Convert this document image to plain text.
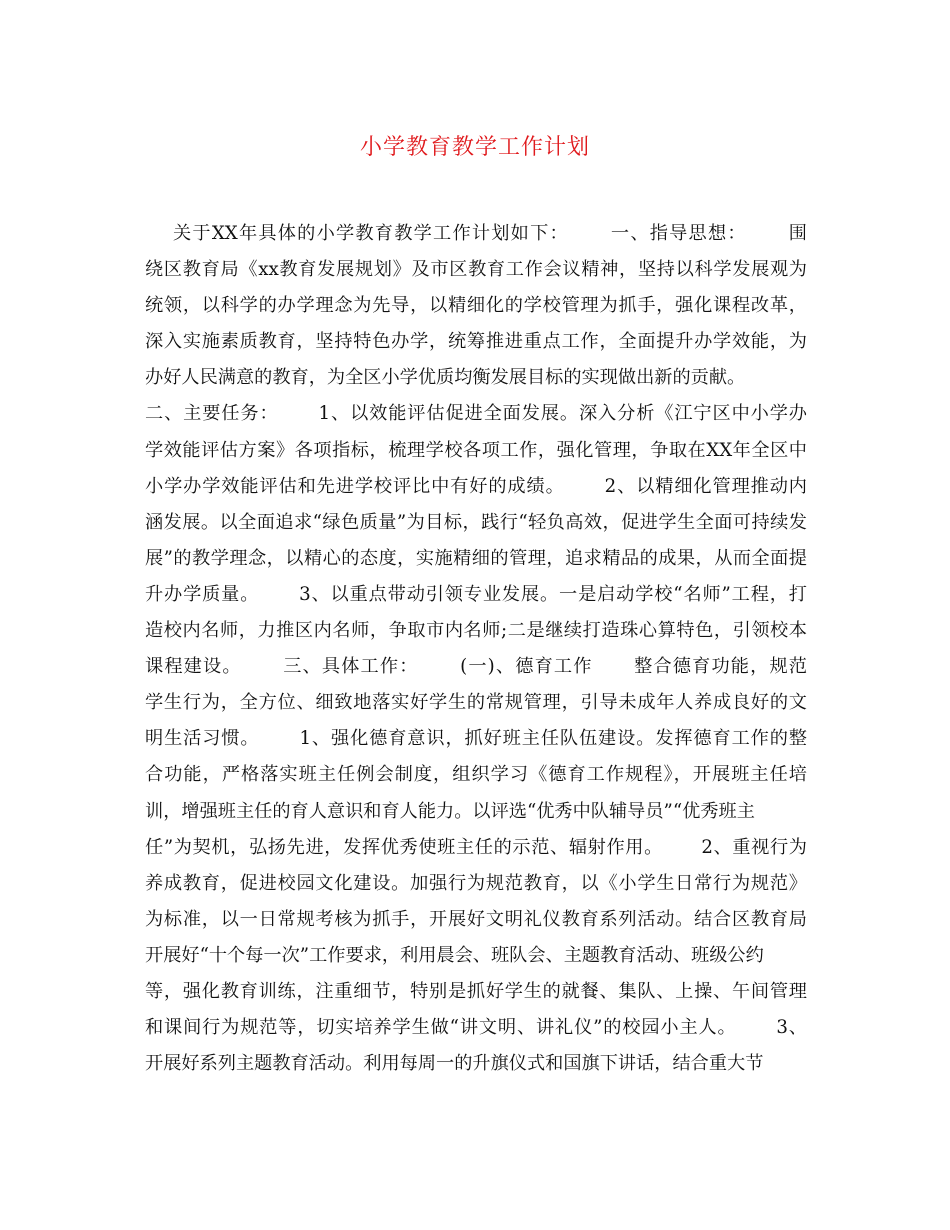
小学教育教学工作计划
关于XX年具体的小学教育教学工作计划如下：      一、指导思想：      围
绕区教育局《xx教育发展规划》及市区教育工作会议精神，坚持以科学发展观为
统领，以科学的办学理念为先导，以精细化的学校管理为抓手，强化课程改革，
深入实施素质教育，坚持特色办学，统筹推进重点工作，全面提升办学效能，为
办好人民满意的教育，为全区小学优质均衡发展目标的实现做出新的贡献。
二、主要任务：      1、以效能评估促进全面发展。深入分析《江宁区中小学办
学效能评估方案》各项指标，梳理学校各项工作，强化管理，争取在XX年全区中
小学办学效能评估和先进学校评比中有好的成绩。      2、以精细化管理推动内
涵发展。以全面追求“绿色质量”为目标，践行“轻负高效，促进学生全面可持续发
展”的教学理念，以精心的态度，实施精细的管理，追求精品的成果，从而全面提
升办学质量。      3、以重点带动引领专业发展。一是启动学校“名师”工程，打
造校内名师，力推区内名师，争取市内名师;二是继续打造珠心算特色，引领校本
课程建设。      三、具体工作：      (一)、德育工作      整合德育功能，规范
学生行为，全方位、细致地落实好学生的常规管理，引导未成年人养成良好的文
明生活习惯。      1、强化德育意识，抓好班主任队伍建设。发挥德育工作的整
合功能，严格落实班主任例会制度，组织学习《德育工作规程》，开展班主任培
训，增强班主任的育人意识和育人能力。以评选“优秀中队辅导员”“优秀班主
任”为契机，弘扬先进，发挥优秀使班主任的示范、辐射作用。      2、重视行为
养成教育，促进校园文化建设。加强行为规范教育，以《小学生日常行为规范》
为标准，以一日常规考核为抓手，开展好文明礼仪教育系列活动。结合区教育局
开展好“十个每一次”工作要求，利用晨会、班队会、主题教育活动、班级公约
等，强化教育训练，注重细节，特别是抓好学生的就餐、集队、上操、午间管理
和课间行为规范等，切实培养学生做“讲文明、讲礼仪”的校园小主人。      3、
开展好系列主题教育活动。利用每周一的升旗仪式和国旗下讲话，结合重大节
